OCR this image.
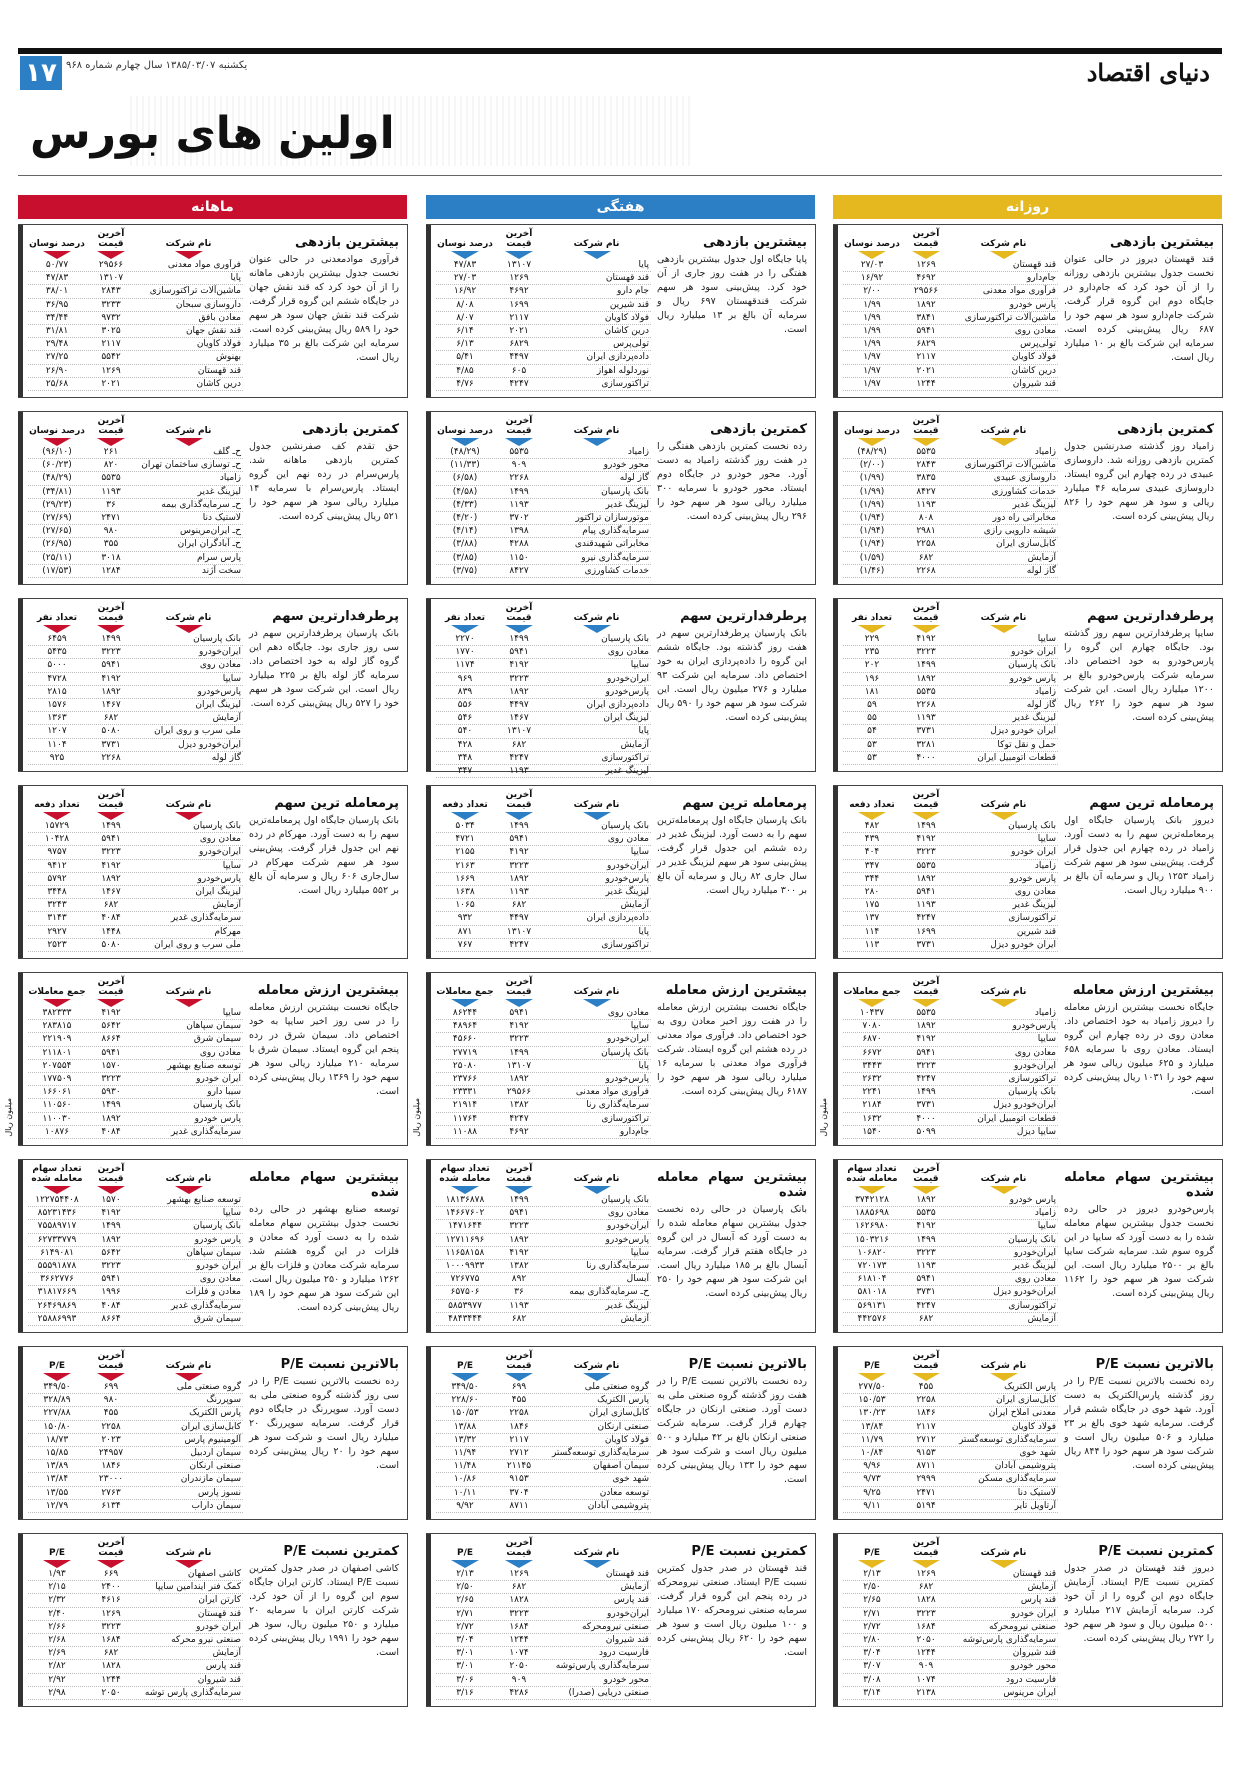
۱۷ یکشنبه ۱۳۸۵/۰۳/۰۷ سال چهارم شماره ۹۶۸	دنیای اقتصاد
اولین های بورس
روزانه
هفتگی
ماهانه
نام شرکت
آخرین قیمت
درصد نوسان
قند قهستان
۱۲۶۹
۲۷/۰۳
جام‌دارو
۴۶۹۲
۱۶/۹۲
فرآوری مواد معدنی
۲۹۵۶۶
۲/۰۰
پارس خودرو
۱۸۹۲
۱/۹۹
ماشین‌آلات تراکتورسازی
۳۸۴۱
۱/۹۹
معادن روی
۵۹۴۱
۱/۹۹
تولی‌پرس
۶۸۲۹
۱/۹۹
فولاد کاویان
۲۱۱۷
۱/۹۷
درین کاشان
۲۰۲۱
۱/۹۷
قند شیروان
۱۲۴۴
۱/۹۷
بیشترین بازدهی
قند قهستان دیروز در حالی عنوان نخست جدول بیشترین بازدهی روزانه را از آن خود کرد که جام‌دارو در جایگاه دوم این گروه قرار گرفت. شرکت جام‌دارو سود هر سهم خود را ۶۸۷ ریال پیش‌بینی کرده است. سرمایه این شرکت بالغ بر ۱۰ میلیارد ریال است.
نام شرکت
آخرین قیمت
درصد نوسان
پایا
۱۳۱۰۷
۴۷/۸۳
قند قهستان
۱۲۶۹
۲۷/۰۳
جام دارو
۴۶۹۲
۱۶/۹۲
قند شیرین
۱۶۹۹
۸/۰۸
فولاد کاویان
۲۱۱۷
۸/۰۷
درین کاشان
۲۰۲۱
۶/۱۴
تولی‌پرس
۶۸۲۹
۶/۱۳
داده‌پردازی ایران
۴۴۹۷
۵/۴۱
نورد‌لوله اهواز
۶۰۵
۴/۸۵
تراکتورسازی
۴۲۴۷
۴/۷۶
بیشترین بازدهی
پایا جایگاه اول جدول بیشترین بازدهی هفتگی را در هفت روز جاری از آن خود کرد. پیش‌بینی سود هر سهم شرکت قندقهستان ۶۹۷ ریال و سرمایه آن بالغ بر ۱۳ میلیارد ریال است.
نام شرکت
آخرین قیمت
درصد نوسان
فرآوری مواد معدنی
۲۹۵۶۶
۵۰/۷۷
پایا
۱۳۱۰۷
۴۷/۸۳
ماشین‌آلات تراکتورسازی
۲۸۴۳
۳۸/۰۱
داروسازی سبحان
۳۲۳۳
۳۶/۹۵
معادن بافق
۹۷۳۲
۳۴/۴۴
قند نقش جهان
۳۰۲۵
۳۱/۸۱
فولاد کاویان
۲۱۱۷
۲۹/۴۸
بهنوش
۵۵۴۲
۲۷/۲۵
قند قهستان
۱۲۶۹
۲۶/۹۰
درین کاشان
۲۰۲۱
۲۵/۶۸
بیشترین بازدهی
فرآوری موادمعدنی در حالی عنوان نخست جدول بیشترین بازدهی ماهانه را از آن خود کرد که قند نقش جهان در جایگاه ششم این گروه قرار گرفت. شرکت قند نقش جهان سود هر سهم خود را ۵۸۹ ریال پیش‌بینی کرده است. سرمایه این شرکت بالغ بر ۳۵ میلیارد ریال است.
نام شرکت
آخرین قیمت
درصد نوسان
زامیاد
۵۵۳۵
(۴۸/۲۹)
ماشین‌آلات تراکتورسازی
۲۸۴۳
(۲/۰۰)
داروسازی عبیدی
۳۸۳۵
(۱/۹۹)
خدمات کشاورزی
۸۴۲۷
(۱/۹۹)
لیزینگ غدیر
۱۱۹۳
(۱/۹۹)
مخابراتی راه دور
۸۰۸
(۱/۹۴)
شیشه دارویی رازی
۲۹۸۱
(۱/۹۴)
کابل‌سازی ایران
۲۲۵۸
(۱/۹۴)
آزمایش
۶۸۲
(۱/۵۹)
گاز لوله
۲۲۶۸
(۱/۴۶)
کمترین بازدهی
زامیاد روز گذشته صدرنشین جدول کمترین بازدهی روزانه شد. داروسازی عبیدی در رده چهارم این گروه ایستاد. داروسازی عبیدی سرمایه ۴۶ میلیارد ریالی و سود هر سهم خود را ۸۲۶ ریال پیش‌بینی کرده است.
نام شرکت
آخرین قیمت
درصد نوسان
زامیاد
۵۵۳۵
(۴۸/۲۹)
محور خودرو
۹۰۹
(۱۱/۳۳)
گاز لوله
۲۲۶۸
(۶/۵۸)
بانک پارسیان
۱۴۹۹
(۴/۵۸)
لیزینگ غدیر
۱۱۹۳
(۴/۳۳)
موتورسازان تراکتور
۳۷۰۲
(۴/۲۰)
سرمایه‌گذاری پیام
۱۳۹۸
(۴/۱۴)
مخابراتی شهید‌قندی
۴۲۸۸
(۳/۸۸)
سرمایه‌گذاری نیرو
۱۱۵۰
(۳/۸۵)
خدمات کشاورزی
۸۴۲۷
(۳/۷۵)
کمترین بازدهی
رده نخست کمترین بازدهی هفتگی را در هفت روز گذشته زامیاد به دست آورد. محور خودرو در جایگاه دوم ایستاد. محور خودرو با سرمایه ۳۰۰ میلیارد ریالی سود هر سهم خود را ۲۹۶ ریال پیش‌بینی کرده است.
نام شرکت
آخرین قیمت
درصد نوسان
ح‌ـ گلف
۲۶۱
(۹۶/۱۰)
ح‌ـ توسازی ساختمان تهران
۸۲۰
(۶۰/۲۳)
زامیاد
۵۵۳۵
(۴۸/۲۹)
لیزینگ غدیر
۱۱۹۳
(۳۴/۸۱)
ح‌ـ سرمایه‌گذاری بیمه
۳۶
(۲۹/۲۳)
لاستیک دنا
۲۴۷۱
(۲۷/۶۹)
ح‌ـ ایران‌مرینوس
۹۸۰
(۲۷/۶۵)
ح‌ـ آبادگران ایران
۳۵۵
(۲۶/۹۵)
پارس سرام
۳۰۱۸
(۲۵/۱۱)
سخت آژند
۱۲۸۴
(۱۷/۵۳)
کمترین بازدهی
حق تقدم کف صفر‌نشین جدول کمترین بازدهی ماهانه شد. پارس‌سرام در رده نهم این گروه ایستاد. پارس‌سرام با سرمایه ۱۴ میلیارد ریالی سود هر سهم خود را ۵۲۱ ریال پیش‌بینی کرده است.
نام شرکت
آخرین قیمت
تعداد نفر
سایپا
۴۱۹۲
۲۲۹
ایران خودرو
۳۲۲۳
۲۳۵
بانک پارسیان
۱۴۹۹
۲۰۲
پارس خودرو
۱۸۹۲
۱۹۶
زامیاد
۵۵۳۵
۱۸۱
گاز لوله
۲۲۶۸
۵۹
لیزینگ غدیر
۱۱۹۳
۵۵
ایران خودرو دیزل
۳۷۳۱
۵۴
حمل و نقل توکا
۳۲۸۱
۵۳
قطعات اتومبیل ایران
۴۰۰۰
۵۳
پرطرفدارترین سهم
سایپا پرطرفدارترین سهم روز گذشته بود. جایگاه چهارم این گروه را پارس‌خودرو به خود اختصاص داد. سرمایه شرکت پارس‌خودرو بالغ بر ۱۲۰۰ میلیارد ریال است. این شرکت سود هر سهم خود را ۲۶۲ ریال پیش‌بینی کرده است.
نام شرکت
آخرین قیمت
تعداد نفر
بانک پارسیان
۱۴۹۹
۲۲۷۰
معادن روی
۵۹۴۱
۱۷۷۰
سایپا
۴۱۹۲
۱۱۷۴
ایران‌خودرو
۳۲۲۳
۹۶۹
پارس‌خودرو
۱۸۹۲
۸۳۹
داده‌پردازی ایران
۴۴۹۷
۵۵۶
لیزینگ ایران
۱۴۶۷
۵۴۶
پایا
۱۳۱۰۷
۵۴۰
آزمایش
۶۸۲
۴۲۸
تراکتورسازی
۴۲۴۷
۳۴۸
لیزینگ غدیر
۱۱۹۳
۳۴۷
پرطرفدارترین سهم
بانک پارسیان پرطرفدارترین سهم در هفت روز گذشته بود. جایگاه ششم این گروه را داده‌پردازی ایران به خود اختصاص داد. سرمایه این شرکت ۹۳ میلیارد و ۲۷۶ میلیون ریال است. این شرکت سود هر سهم خود را ۵۹۰ ریال پیش‌بینی کرده است.
نام شرکت
آخرین قیمت
تعداد نفر
بانک پارسیان
۱۴۹۹
۶۴۵۹
ایران‌خودرو
۳۲۲۳
۵۴۳۵
معادن روی
۵۹۴۱
۵۰۰۰
سایپا
۴۱۹۲
۴۷۲۸
پارس‌خودرو
۱۸۹۲
۲۸۱۵
لیزینگ ایران
۱۴۶۷
۱۵۷۶
آزمایش
۶۸۲
۱۳۶۳
ملی سرب و روی ایران
۵۰۸۰
۱۲۰۷
ایران‌خودرو دیزل
۳۷۳۱
۱۱۰۴
گاز لوله
۲۲۶۸
۹۲۵
پرطرفدارترین سهم
بانک پارسیان پرطرفدارترین سهم در سی روز جاری بود. جایگاه دهم این گروه گاز لوله به خود اختصاص داد. سرمایه گاز لوله بالغ بر ۲۲۵ میلیارد ریال است. این شرکت سود هر سهم خود را ۵۲۷ ریال پیش‌بینی کرده است.
نام شرکت
آخرین قیمت
تعداد دفعه
بانک پارسیان
۱۴۹۹
۴۸۲
سایپا
۴۱۹۲
۴۳۹
ایران خودرو
۳۲۲۳
۴۰۴
زامیاد
۵۵۳۵
۳۴۷
پارس خودرو
۱۸۹۲
۳۴۴
معادن روی
۵۹۴۱
۲۸۰
لیزینگ غدیر
۱۱۹۳
۱۷۵
تراکتورسازی
۴۲۴۷
۱۳۷
قند شیرین
۱۶۹۹
۱۱۴
ایران خودرو دیزل
۳۷۳۱
۱۱۳
پرمعامله ترین سهم
دیروز بانک پارسیان جایگاه اول پرمعامله‌ترین سهم را به دست آورد. زامیاد در رده چهارم این جدول قرار گرفت. پیش‌بینی سود هر سهم شرکت زامیاد ۱۲۵۳ ریال و سرمایه آن بالغ بر ۹۰۰ میلیارد ریال است.
نام شرکت
آخرین قیمت
تعداد دفعه
بانک پارسیان
۱۴۹۹
۵۰۳۴
معادن روی
۵۹۴۱
۴۷۲۱
سایپا
۴۱۹۲
۲۱۵۵
ایران‌خودرو
۳۲۲۳
۲۱۶۳
پارس‌خودرو
۱۸۹۲
۱۶۶۹
لیزینگ غدیر
۱۱۹۳
۱۶۳۸
آزمایش
۶۸۲
۱۰۶۵
داده‌پردازی ایران
۴۴۹۷
۹۳۲
پایا
۱۳۱۰۷
۸۷۱
تراکتورسازی
۴۲۴۷
۷۶۷
پرمعامله ترین سهم
بانک پارسیان جایگاه اول پرمعامله‌ترین سهم را به دست آورد. لیزینگ غدیر در رده ششم این جدول قرار گرفت. پیش‌بینی سود هر سهم لیزینگ غدیر در سال جاری ۸۲ ریال و سرمایه آن بالغ بر ۳۰۰ میلیارد ریال است.
نام شرکت
آخرین قیمت
تعداد دفعه
بانک پارسیان
۱۴۹۹
۱۵۷۲۹
معادن روی
۵۹۴۱
۱۰۴۲۸
ایران‌خودرو
۳۲۲۳
۹۷۵۷
سایپا
۴۱۹۲
۹۴۱۲
پارس‌خودرو
۱۸۹۲
۵۷۹۲
لیزینگ ایران
۱۴۶۷
۳۴۴۸
آزمایش
۶۸۲
۳۲۴۳
سرمایه‌گذاری غدیر
۴۰۸۴
۳۱۴۳
مهرکام
۱۴۴۸
۲۹۲۷
ملی سرب و روی ایران
۵۰۸۰
۲۵۲۳
پرمعامله ترین سهم
بانک پارسیان جایگاه اول پرمعامله‌ترین سهم را به دست آورد. مهرکام در رده نهم این جدول قرار گرفت. پیش‌بینی سود هر سهم شرکت مهرکام در سال‌جاری ۶۰۶ ریال و سرمایه آن بالغ بر ۵۵۲ میلیارد ریال است.
نام شرکت
آخرین قیمت
جمع معاملات
زامیاد
۵۵۳۵
۱۰۴۳۷
پارس‌خودرو
۱۸۹۲
۷۰۸۰
سایپا
۴۱۹۲
۶۸۷۰
معادن روی
۵۹۴۱
۶۶۷۲
ایران‌خودرو
۳۲۲۳
۳۴۴۳
تراکتورسازی
۴۲۴۷
۲۶۳۲
بانک پارسیان
۱۴۹۹
۲۲۴۱
ایران‌خودرو دیزل
۳۷۳۱
۲۱۸۴
قطعات اتومبیل ایران
۴۰۰۰
۱۶۳۲
سایپا دیزل
۵۰۹۹
۱۵۴۰
بیشترین ارزش معامله
جایگاه نخست بیشترین ارزش معامله را دیروز زامیاد به خود اختصاص داد. معادن روی در رده چهارم این گروه ایستاد. معادن روی با سرمایه ۶۵۸ میلیارد و ۶۲۵ میلیون ریالی سود هر سهم خود را ۱۰۳۱ ریال پیش‌بینی کرده است.
میلیون ریال
نام شرکت
آخرین قیمت
جمع معاملات
معادن روی
۵۹۴۱
۸۶۲۴۴
سایپا
۴۱۹۲
۴۸۹۶۴
ایران‌خودرو
۳۲۲۳
۴۵۶۶۰
بانک پارسیان
۱۴۹۹
۲۷۷۱۹
پایا
۱۳۱۰۷
۲۵۰۸۰
پارس‌خودرو
۱۸۹۲
۲۳۷۶۶
فرآوری مواد معدنی
۲۹۵۶۶
۲۳۳۳۱
سرمایه‌گذاری رنا
۱۳۸۲
۲۱۹۱۴
تراکتورسازی
۴۲۴۷
۱۱۷۶۴
جام‌دارو
۴۶۹۲
۱۱۰۸۸
بیشترین ارزش معامله
جایگاه نخست بیشترین ارزش معامله را در هفت روز اخیر معادن روی به خود اختصاص داد. فرآوری مواد معدنی در رده هشتم این گروه ایستاد. شرکت فرآوری مواد معدنی با سرمایه ۱۶ میلیارد ریالی سود هر سهم خود را ۶۱۸۷ ریال پیش‌بینی کرده است.
میلیون ریال
نام شرکت
آخرین قیمت
جمع معاملات
سایپا
۴۱۹۲
۳۸۲۳۳۳
سیمان سپاهان
۵۶۴۲
۲۸۳۸۱۵
سیمان شرق
۸۶۶۴
۲۲۱۹۰۹
معادن روی
۵۹۴۱
۲۱۱۸۰۱
توسعه صنایع بهشهر
۱۵۷۰
۲۰۷۵۵۴
ایران خودرو
۳۲۲۳
۱۷۷۵۰۹
سیبا دارو
۵۹۳۰
۱۶۶۰۶۱
بانک پارسیان
۱۴۹۹
۱۱۰۵۶۰
پارس خودرو
۱۸۹۲
۱۱۰۰۳۰
سرمایه‌گذاری غدیر
۴۰۸۴
۱۰۸۷۶
بیشترین ارزش معامله
جایگاه نخست بیشترین ارزش معامله را در سی روز اخیر سایپا به خود اختصاص داد. سیمان شرق در رده پنجم این گروه ایستاد. سیمان شرق با سرمایه ۲۱۰ میلیارد ریالی سود هر سهم خود را ۱۳۶۹ ریال پیش‌بینی کرده است.
میلیون ریال
نام شرکت
آخرین قیمت
تعداد سهام معامله شده
پارس خودرو
۱۸۹۲
۳۷۴۲۱۲۸
زامیاد
۵۵۳۵
۱۸۸۵۶۹۸
سایپا
۴۱۹۲
۱۶۲۶۹۸۰
بانک پارسیان
۱۴۹۹
۱۵۰۳۲۱۶
ایران‌خودرو
۳۲۲۳
۱۰۶۸۲۰
لیزینگ غدیر
۱۱۹۳
۷۲۰۱۷۳
معادن روی
۵۹۴۱
۶۱۸۱۰۴
ایران‌خودرو دیزل
۳۷۳۱
۵۸۱۰۱۸
تراکتورسازی
۴۲۴۷
۵۶۹۱۳۱
آزمایش
۶۸۲
۴۴۲۵۷۶
بیشترین سهام معامله شده
پارس‌خودرو دیروز در حالی رده نخست جدول بیشترین سهام معامله شده را به دست آورد که سایپا در این گروه سوم شد. سرمایه شرکت سایپا بالغ بر ۲۵۰۰ میلیارد ریال است. این شرکت سود هر سهم خود را ۱۱۶۲ ریال پیش‌بینی کرده است.
نام شرکت
آخرین قیمت
تعداد سهام معامله شده
بانک پارسیان
۱۴۹۹
۱۸۱۳۶۸۷۸
معادن روی
۵۹۴۱
۱۴۶۶۷۶۰۲
ایران‌خودرو
۳۲۲۳
۱۴۷۱۶۴۴
پارس‌خودرو
۱۸۹۲
۱۲۷۱۱۶۹۶
سایپا
۴۱۹۲
۱۱۶۵۸۱۵۸
سرمایه‌گذاری رنا
۱۳۸۲
۱۰۰۰۹۹۳۳
آبسال
۸۹۲
۷۲۶۷۷۵
ح‌ـ سرمایه‌گذاری بیمه
۳۶
۶۵۷۵۰۶
لیزینگ غدیر
۱۱۹۳
۵۸۵۳۹۷۷
آزمایش
۶۸۲
۴۸۴۳۴۴۴
بیشترین سهام معامله شده
بانک پارسیان در حالی رده نخست جدول بیشترین سهام معامله شده را به دست آورد که آبسال در این گروه در جایگاه هفتم قرار گرفت. سرمایه آبسال بالغ بر ۱۸۵ میلیارد ریال است. این شرکت سود هر سهم خود را ۲۵۰ ریال پیش‌بینی کرده است.
نام شرکت
آخرین قیمت
تعداد سهام معامله شده
توسعه صنایع بهشهر
۱۵۷۰
۱۲۲۷۵۴۴۰۸
سایپا
۴۱۹۲
۸۵۲۳۱۴۳۶
بانک پارسیان
۱۴۹۹
۷۵۵۸۹۷۱۷
پارس خودرو
۱۸۹۲
۶۲۷۳۳۷۷۹
سیمان سپاهان
۵۶۴۲
۶۱۴۹۰۸۱
ایران خودرو
۳۲۲۳
۵۵۵۹۱۸۷۸
معادن روی
۵۹۴۱
۳۶۶۲۷۷۶
معادن و فلزات
۱۹۹۶
۳۱۸۱۷۶۶۹
سرمایه‌گذاری غدیر
۴۰۸۴
۲۶۴۶۹۸۶۹
سیمان شرق
۸۶۶۴
۲۵۸۸۶۹۹۳
بیشترین سهام معامله شده
توسعه صنایع بهشهر در حالی رده نخست جدول بیشترین سهام معامله شده را به دست آورد که معادن و فلزات در این گروه هشتم شد. سرمایه شرکت معادن و فلزات بالغ بر ۱۲۶۲ میلیارد و ۲۵۰ میلیون ریال است. این شرکت سود هر سهم خود را ۱۸۹ ریال پیش‌بینی کرده است.
نام شرکت
آخرین قیمت
P/E
پارس الکتریک
۴۵۵
۲۷۷/۵۰
کابل‌سازی ایران
۲۲۵۸
۱۵۰/۵۳
معدنی املاح ایران
۱۸۴۶
۱۳۰/۲۳
فولاد کاویان
۲۱۱۷
۱۳/۸۴
سرمایه‌گذاری توسعه‌گستر
۲۷۱۲
۱۱/۷۹
شهد خوی
۹۱۵۳
۱۰/۸۴
پتروشیمی آبادان
۸۷۱۱
۹/۹۶
سرمایه‌گذاری مسکن
۲۹۹۹
۹/۷۳
لاستیک دنا
۲۴۷۱
۹/۲۵
آرتاویل تایر
۵۱۹۴
۹/۱۱
بالاترین نسبت P/E
رده نخست بالاترین نسبت P/E را در روز گذشته پارس‌الکتریک به دست آورد. شهد خوی در جایگاه ششم قرار گرفت. سرمایه شهد خوی بالغ بر ۲۳ میلیارد و ۵۰۶ میلیون ریال است و شرکت سود هر سهم خود را ۸۴۴ ریال پیش‌بینی کرده است.
نام شرکت
آخرین قیمت
P/E
گروه صنعتی ملی
۶۹۹
۳۴۹/۵۰
پارس الکتریک
۴۵۵
۲۲۸/۶۰
کابل‌سازی ایران
۲۲۵۸
۱۵۰/۵۳
صنعتی ارنکان
۱۸۴۶
۱۳/۸۸
فولاد کاویان
۲۱۱۷
۱۳/۳۲
سرمایه‌گذاری توسعه‌گستر
۲۷۱۲
۱۱/۹۴
سیمان اصفهان
۲۱۱۴۵
۱۱/۴۸
شهد خوی
۹۱۵۳
۱۰/۸۶
توسعه معادن
۳۷۰۴
۱۰/۱۱
پتروشیمی آبادان
۸۷۱۱
۹/۹۲
بالاترین نسبت P/E
رده نخست بالاترین نسبت P/E را در هفت روز گذشته گروه صنعتی ملی به دست آورد. صنعتی ارنکان در جایگاه چهارم قرار گرفت. سرمایه شرکت صنعتی ارنکان بالغ بر ۴۲ میلیارد و ۵۰۰ میلیون ریال است و شرکت سود هر سهم خود را ۱۳۳ ریال پیش‌بینی کرده است.
نام شرکت
آخرین قیمت
P/E
گروه صنعتی ملی
۶۹۹
۳۴۹/۵۰
سوپررنگ
۹۸۰
۳۲۸/۸۹
پارس الکتریک
۴۵۵
۲۲۷/۸۸
کابل‌سازی ایران
۲۲۵۸
۱۵۰/۸۰
آلومینیوم پارس
۲۰۲۳
۱۸/۷۳
سیمان اردبیل
۲۴۹۵۷
۱۵/۸۵
صنعتی ارنکان
۱۸۴۶
۱۳/۸۹
سیمان مازندران
۲۳۰۰۰
۱۳/۸۴
نسوز پارس
۲۷۶۳
۱۳/۵۵
سیمان داراب
۶۱۳۴
۱۲/۷۹
بالاترین نسبت P/E
رده نخست بالاترین نسبت P/E را در سی روز گذشته گروه صنعتی ملی به دست آورد. سوپررنگ در جایگاه دوم قرار گرفت. سرمایه سوپررنگ ۲۰ میلیارد ریال است و شرکت سود هر سهم خود را ۲۰ ریال پیش‌بینی کرده است.
نام شرکت
آخرین قیمت
P/E
قند قهستان
۱۲۶۹
۲/۱۳
آزمایش
۶۸۲
۲/۵۰
قند پارس
۱۸۲۸
۲/۶۵
ایران خودرو
۳۲۲۳
۲/۷۱
صنعتی نیرومحرکه
۱۶۸۴
۲/۷۲
سرمایه‌گذاری پارس‌توشه
۲۰۵۰
۲/۸۰
قند شیروان
۱۲۴۴
۳/۰۴
محور خودرو
۹۰۹
۳/۰۷
فارسیت درود
۱۰۷۴
۳/۰۸
ایران مرینوس
۲۱۳۸
۳/۱۴
کمترین نسبت P/E
دیروز قند قهستان در صدر جدول کمترین نسبت P/E ایستاد. آزمایش جایگاه دوم این گروه را از آن خود کرد. سرمایه آزمایش ۲۱۷ میلیارد و ۵۰۰ میلیون ریال و سود هر سهم خود را ۲۷۲ ریال پیش‌بینی کرده است.
نام شرکت
آخرین قیمت
P/E
قند قهستان
۱۲۶۹
۲/۱۳
آزمایش
۶۸۲
۲/۵۰
قند پارس
۱۸۲۸
۲/۶۵
ایران‌خودرو
۳۲۲۳
۲/۷۱
صنعتی نیرومحرکه
۱۶۸۴
۲/۷۲
قند شیروان
۱۲۴۴
۳/۰۴
فارسیت درود
۱۰۷۴
۳/۰۱
سرمایه‌گذاری پارس‌توشه
۲۰۵۰
۳/۰۱
محور خودرو
۹۰۹
۳/۰۶
صنعتی دریایی (صدرا)
۴۲۸۶
۳/۱۶
کمترین نسبت P/E
قند قهستان در صدر جدول کمترین نسبت P/E ایستاد. صنعتی نیرومحرکه در رده پنجم این گروه قرار گرفت. سرمایه صنعتی نیرومحرکه ۱۷۰ میلیارد و ۱۰۰ میلیون ریال است و سود هر سهم خود را ۶۲۰ ریال پیش‌بینی کرده است.
نام شرکت
آخرین قیمت
P/E
کاشی اصفهان
۶۶۹
۱/۹۳
کمک فنر ایندامین سایپا
۲۴۰۰
۲/۱۵
کارتن ایران
۴۶۱۶
۲/۳۲
قند قهستان
۱۲۶۹
۲/۴۰
ایران خودرو
۳۲۲۳
۲/۶۶
صنعتی نیرو محرکه
۱۶۸۴
۲/۶۸
آزمایش
۶۸۲
۲/۶۹
قند پارس
۱۸۲۸
۲/۸۲
قند شیروان
۱۲۴۴
۲/۹۲
سرمایه‌گذاری پارس توشه
۲۰۵۰
۲/۹۸
کمترین نسبت P/E
کاشی اصفهان در صدر جدول کمترین نسبت P/E ایستاد. کارتن ایران جایگاه سوم این گروه را از آن خود کرد. شرکت کارتن ایران با سرمایه ۲۰ میلیارد و ۲۵۰ میلیون ریال، سود هر سهم خود را ۱۹۹۱ ریال پیش‌بینی کرده است.
